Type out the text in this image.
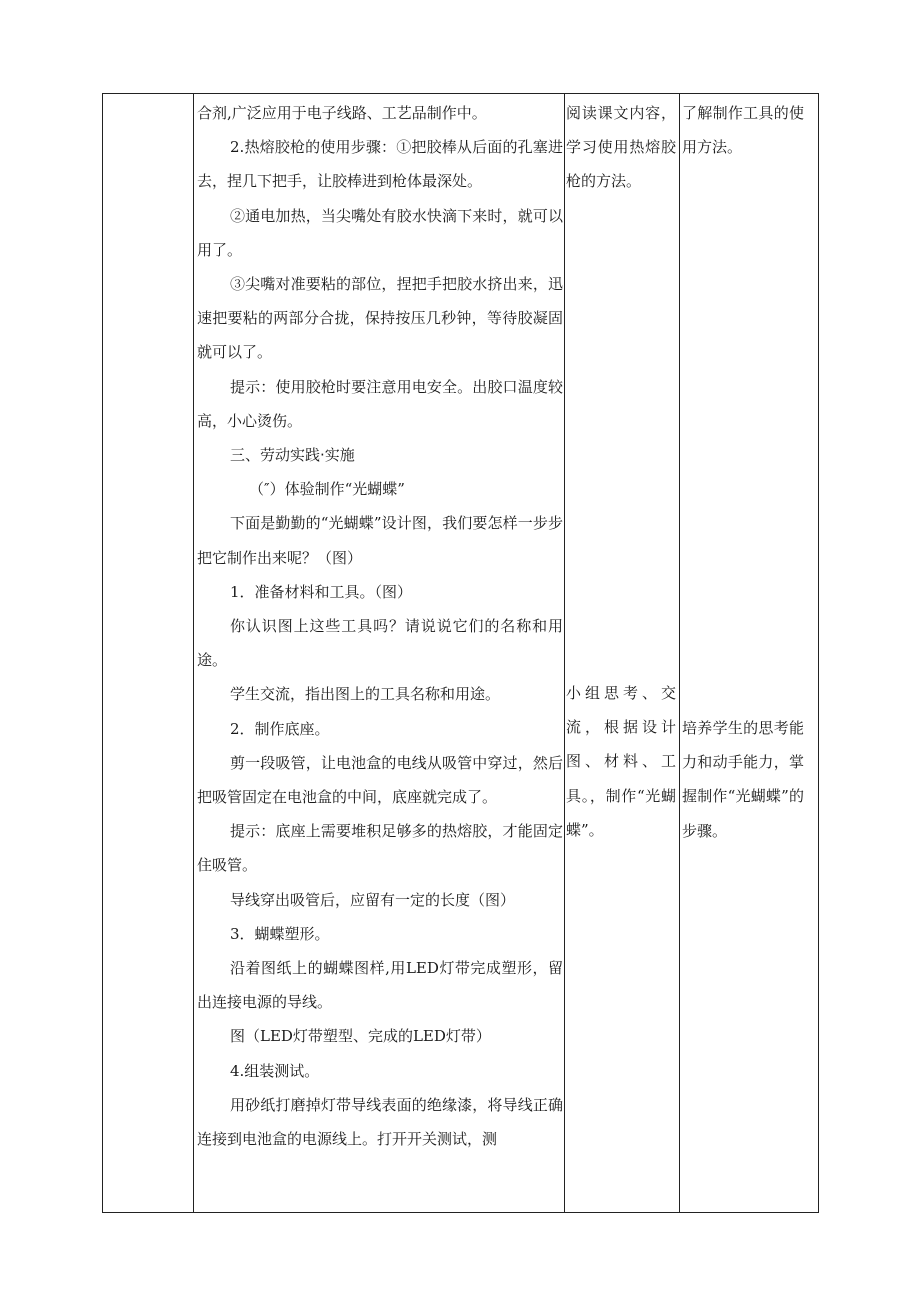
合剂,广泛应用于电子线路、工艺品制作中。

2.热熔胶枪的使用步骤：①把胶棒从后面的孔塞进去，捏几下把手，让胶棒进到枪体最深处。

②通电加热，当尖嘴处有胶水快滴下来时，就可以用了。

③尖嘴对准要粘的部位，捏把手把胶水挤出来，迅速把要粘的两部分合拢，保持按压几秒钟，等待胶凝固就可以了。

提示：使用胶枪时要注意用电安全。出胶口温度较高，小心烫伤。

三、劳动实践·实施

（″）体验制作“光蝴蝶”

下面是勤勤的“光蝴蝶”设计图，我们要怎样一步步把它制作出来呢？（图）

1．准备材料和工具。（图）

你认识图上这些工具吗？请说说它们的名称和用途。

学生交流，指出图上的工具名称和用途。

2．制作底座。

剪一段吸管，让电池盒的电线从吸管中穿过，然后把吸管固定在电池盒的中间，底座就完成了。

提示：底座上需要堆积足够多的热熔胶，才能固定住吸管。

导线穿出吸管后，应留有一定的长度（图）

3．蝴蝶塑形。

沿着图纸上的蝴蝶图样,用LED灯带完成塑形，留出连接电源的导线。

图（LED灯带塑型、完成的LED灯带）

4.组装测试。

用砂纸打磨掉灯带导线表面的绝缘漆，将导线正确连接到电池盒的电源线上。打开开关测试，测

阅读课文内容，学习使用热熔胶枪的方法。

小组思考、交流，根据设计图、材料、工具。，制作“光蝴蝶”。

了解制作工具的使用方法。

培养学生的思考能力和动手能力，掌握制作“光蝴蝶”的步骤。
